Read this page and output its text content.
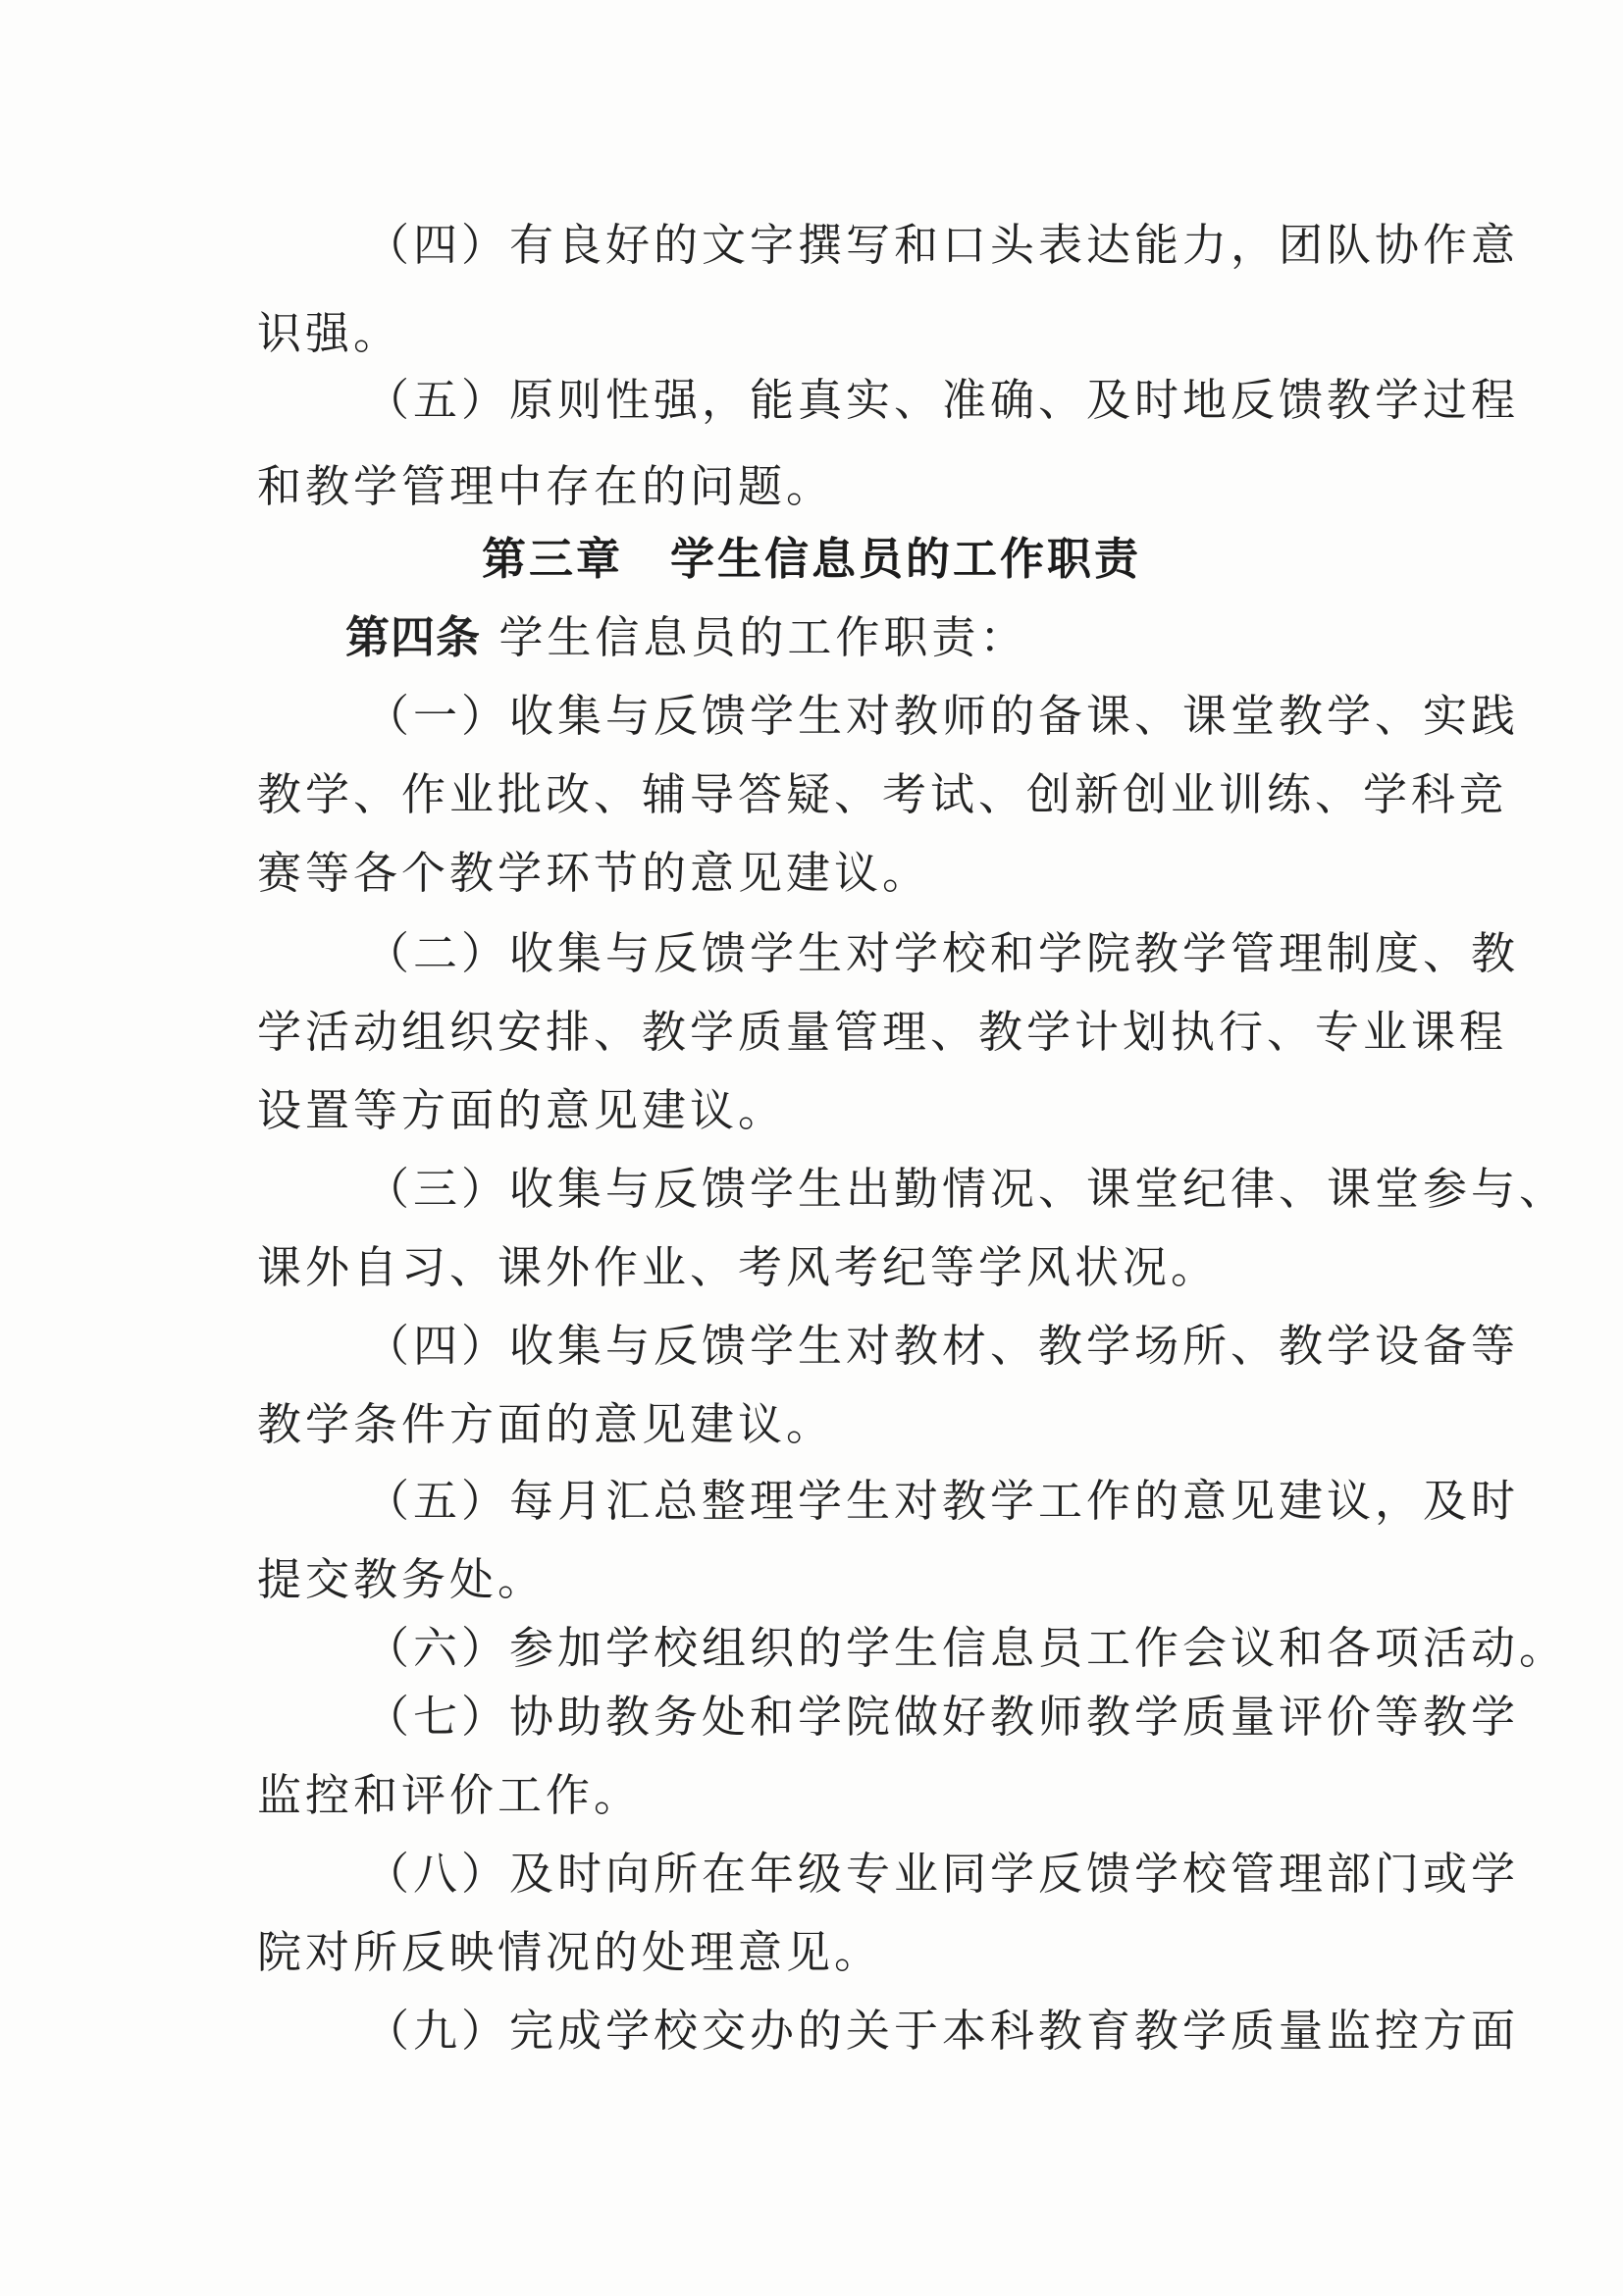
（四）有良好的文字撰写和口头表达能力，团队协作意

识强。

（五）原则性强，能真实、准确、及时地反馈教学过程

和教学管理中存在的问题。

第三章　学生信息员的工作职责

第四条 学生信息员的工作职责：

（一）收集与反馈学生对教师的备课、课堂教学、实践

教学、作业批改、辅导答疑、考试、创新创业训练、学科竞

赛等各个教学环节的意见建议。

（二）收集与反馈学生对学校和学院教学管理制度、教

学活动组织安排、教学质量管理、教学计划执行、专业课程

设置等方面的意见建议。

（三）收集与反馈学生出勤情况、课堂纪律、课堂参与、

课外自习、课外作业、考风考纪等学风状况。

（四）收集与反馈学生对教材、教学场所、教学设备等

教学条件方面的意见建议。

（五）每月汇总整理学生对教学工作的意见建议，及时

提交教务处。

（六）参加学校组织的学生信息员工作会议和各项活动。

（七）协助教务处和学院做好教师教学质量评价等教学

监控和评价工作。

（八）及时向所在年级专业同学反馈学校管理部门或学

院对所反映情况的处理意见。

（九）完成学校交办的关于本科教育教学质量监控方面
